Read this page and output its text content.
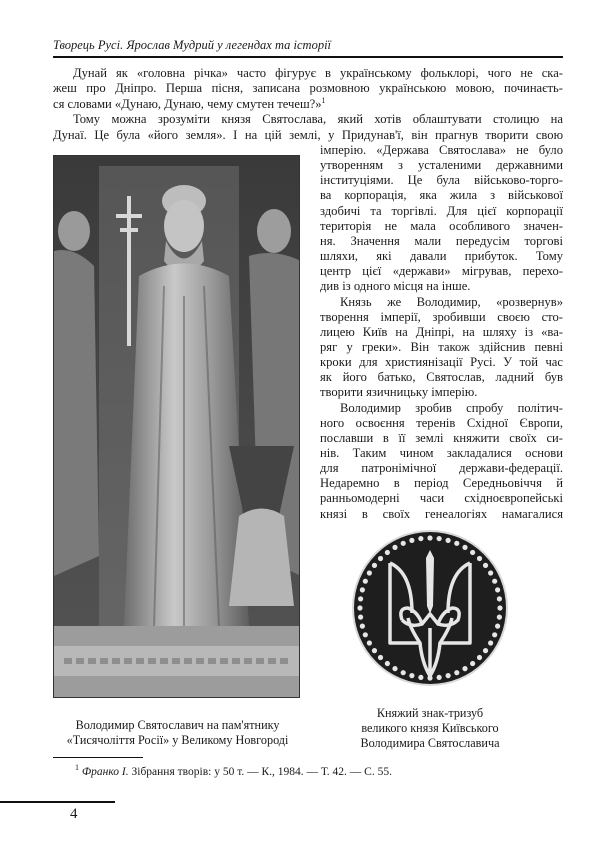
Творець Русі. Ярослав Мудрий у легендах та історії
Дунай як «головна річка» часто фігурує в українському фольклорі, чого не ска-
жеш про Дніпро. Перша пісня, записана розмовною українською мовою, починаєть-
ся словами «Дунаю, Дунаю, чему смутен течеш?»$^1$
Тому можна зрозуміти князя Святослава, який хотів облаштувати столицю на
Дунаї. Це була «його земля». І на цій землі, у Придунав'ї, він прагнув творити свою
імперію. «Держава Святослава» не було
утворенням з усталеними державними
інституціями. Це була військово-торго-
ва корпорація, яка жила з військової
здобичі та торгівлі. Для цієї корпорації
територія не мала особливого значен-
ня. Значення мали передусім торгові
шляхи, які давали прибуток. Тому
центр цієї «держави» мігрував, перехо-
див із одного місця на інше.
Князь же Володимир, «розвернув»
творення імперії, зробивши своєю сто-
лицею Київ на Дніпрі, на шляху із «ва-
ряг у греки». Він також здійснив певні
кроки для християнізації Русі. У той час
як його батько, Святослав, ладний був
творити язичницьку імперію.
Володимир зробив спробу політич-
ного освоєння теренів Східної Європи,
пославши в її землі княжити своїх си-
нів. Таким чином закладалися основи
для патронімічної держави-федерації.
Недаремно в період Середньовіччя й
ранньомодерні часи східноєвропейські
князі в своїх генеалогіях намагалися
Володимир Святославич на пам'ятнику
«Тисячоліття Росії» у Великому Новгороді
Княжий знак-тризуб
великого князя Київського
Володимира Святославича
$^1$ Франко І. Зібрання творів: у 50 т. — К., 1984. — Т. 42. — С. 55.
4
